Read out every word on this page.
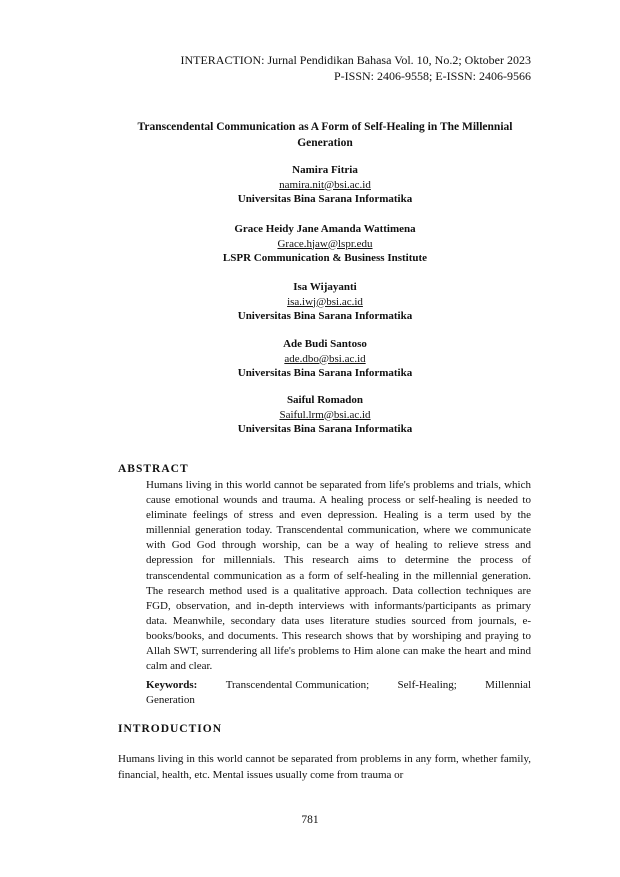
INTERACTION: Jurnal Pendidikan Bahasa Vol. 10, No.2; Oktober 2023
P-ISSN: 2406-9558; E-ISSN: 2406-9566
Transcendental Communication as A Form of Self-Healing in The Millennial
Generation
Namira Fitria
namira.nit@bsi.ac.id
Universitas Bina Sarana Informatika
Grace Heidy Jane Amanda Wattimena
Grace.hjaw@lspr.edu
LSPR Communication & Business Institute
Isa Wijayanti
isa.iwj@bsi.ac.id
Universitas Bina Sarana Informatika
Ade Budi Santoso
ade.dbo@bsi.ac.id
Universitas Bina Sarana Informatika
Saiful Romadon
Saiful.lrm@bsi.ac.id
Universitas Bina Sarana Informatika
ABSTRACT
Humans living in this world cannot be separated from life's problems and trials, which cause emotional wounds and trauma. A healing process or self-healing is needed to eliminate feelings of stress and even depression. Healing is a term used by the millennial generation today. Transcendental communication, where we communicate with God God through worship, can be a way of healing to relieve stress and depression for millennials. This research aims to determine the process of transcendental communication as a form of self-healing in the millennial generation. The research method used is a qualitative approach. Data collection techniques are FGD, observation, and in-depth interviews with informants/participants as primary data. Meanwhile, secondary data uses literature studies sourced from journals, e-books/books, and documents. This research shows that by worshiping and praying to Allah SWT, surrendering all life's problems to Him alone can make the heart and mind calm and clear.
Keywords:	Transcendental Communication;	Self-Healing;	Millennial
Generation
INTRODUCTION
Humans living in this world cannot be separated from problems in any form, whether family, financial, health, etc. Mental issues usually come from trauma or
781
